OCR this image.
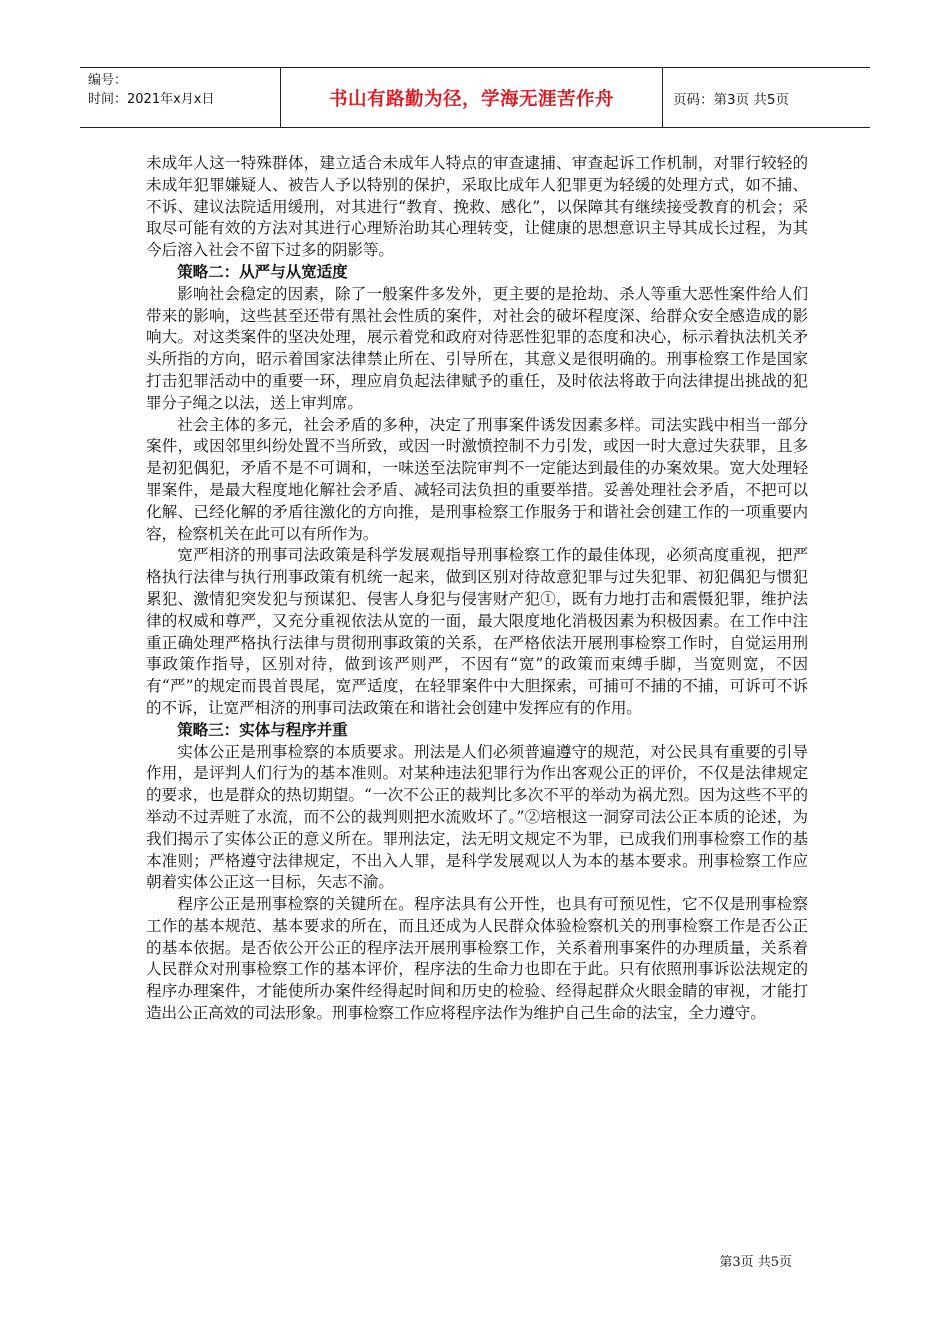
编号：
时间：2021年x月x日	书山有路勤为径，学海无涯苦作舟	页码：第3页 共5页

未成年人这一特殊群体，建立适合未成年人特点的审查逮捕、审查起诉工作机制，对罪行较轻的未成年犯罪嫌疑人、被告人予以特别的保护，采取比成年人犯罪更为轻缓的处理方式，如不捕、不诉、建议法院适用缓刑，对其进行“教育、挽救、感化”，以保障其有继续接受教育的机会；采取尽可能有效的方法对其进行心理矫治助其心理转变，让健康的思想意识主导其成长过程，为其今后溶入社会不留下过多的阴影等。

策略二：从严与从宽适度

影响社会稳定的因素，除了一般案件多发外，更主要的是抢劫、杀人等重大恶性案件给人们带来的影响，这些甚至还带有黑社会性质的案件，对社会的破坏程度深、给群众安全感造成的影响大。对这类案件的坚决处理，展示着党和政府对待恶性犯罪的态度和决心，标示着执法机关矛头所指的方向，昭示着国家法律禁止所在、引导所在，其意义是很明确的。刑事检察工作是国家打击犯罪活动中的重要一环，理应肩负起法律赋予的重任，及时依法将敢于向法律提出挑战的犯罪分子绳之以法，送上审判席。

社会主体的多元，社会矛盾的多种，决定了刑事案件诱发因素多样。司法实践中相当一部分案件，或因邻里纠纷处置不当所致，或因一时激愤控制不力引发，或因一时大意过失获罪，且多是初犯偶犯，矛盾不是不可调和，一味送至法院审判不一定能达到最佳的办案效果。宽大处理轻罪案件，是最大程度地化解社会矛盾、减轻司法负担的重要举措。妥善处理社会矛盾，不把可以化解、已经化解的矛盾往激化的方向推，是刑事检察工作服务于和谐社会创建工作的一项重要内容，检察机关在此可以有所作为。

宽严相济的刑事司法政策是科学发展观指导刑事检察工作的最佳体现，必须高度重视，把严格执行法律与执行刑事政策有机统一起来，做到区别对待故意犯罪与过失犯罪、初犯偶犯与惯犯累犯、激情犯突发犯与预谋犯、侵害人身犯与侵害财产犯①，既有力地打击和震慑犯罪，维护法律的权威和尊严，又充分重视依法从宽的一面，最大限度地化消极因素为积极因素。在工作中注重正确处理严格执行法律与贯彻刑事政策的关系，在严格依法开展刑事检察工作时，自觉运用刑事政策作指导，区别对待，做到该严则严，不因有“宽”的政策而束缚手脚，当宽则宽，不因有“严”的规定而畏首畏尾，宽严适度，在轻罪案件中大胆探索，可捕可不捕的不捕，可诉可不诉的不诉，让宽严相济的刑事司法政策在和谐社会创建中发挥应有的作用。

策略三：实体与程序并重

实体公正是刑事检察的本质要求。刑法是人们必须普遍遵守的规范，对公民具有重要的引导作用，是评判人们行为的基本准则。对某种违法犯罪行为作出客观公正的评价，不仅是法律规定的要求，也是群众的热切期望。“一次不公正的裁判比多次不平的举动为祸尤烈。因为这些不平的举动不过弄赃了水流，而不公的裁判则把水流败坏了。”②培根这一洞穿司法公正本质的论述，为我们揭示了实体公正的意义所在。罪刑法定，法无明文规定不为罪，已成我们刑事检察工作的基本准则；严格遵守法律规定，不出入人罪，是科学发展观以人为本的基本要求。刑事检察工作应朝着实体公正这一目标，矢志不渝。

程序公正是刑事检察的关键所在。程序法具有公开性，也具有可预见性，它不仅是刑事检察工作的基本规范、基本要求的所在，而且还成为人民群众体验检察机关的刑事检察工作是否公正的基本依据。是否依公开公正的程序法开展刑事检察工作，关系着刑事案件的办理质量，关系着人民群众对刑事检察工作的基本评价，程序法的生命力也即在于此。只有依照刑事诉讼法规定的程序办理案件，才能使所办案件经得起时间和历史的检验、经得起群众火眼金睛的审视，才能打造出公正高效的司法形象。刑事检察工作应将程序法作为维护自己生命的法宝，全力遵守。

第3页 共5页
